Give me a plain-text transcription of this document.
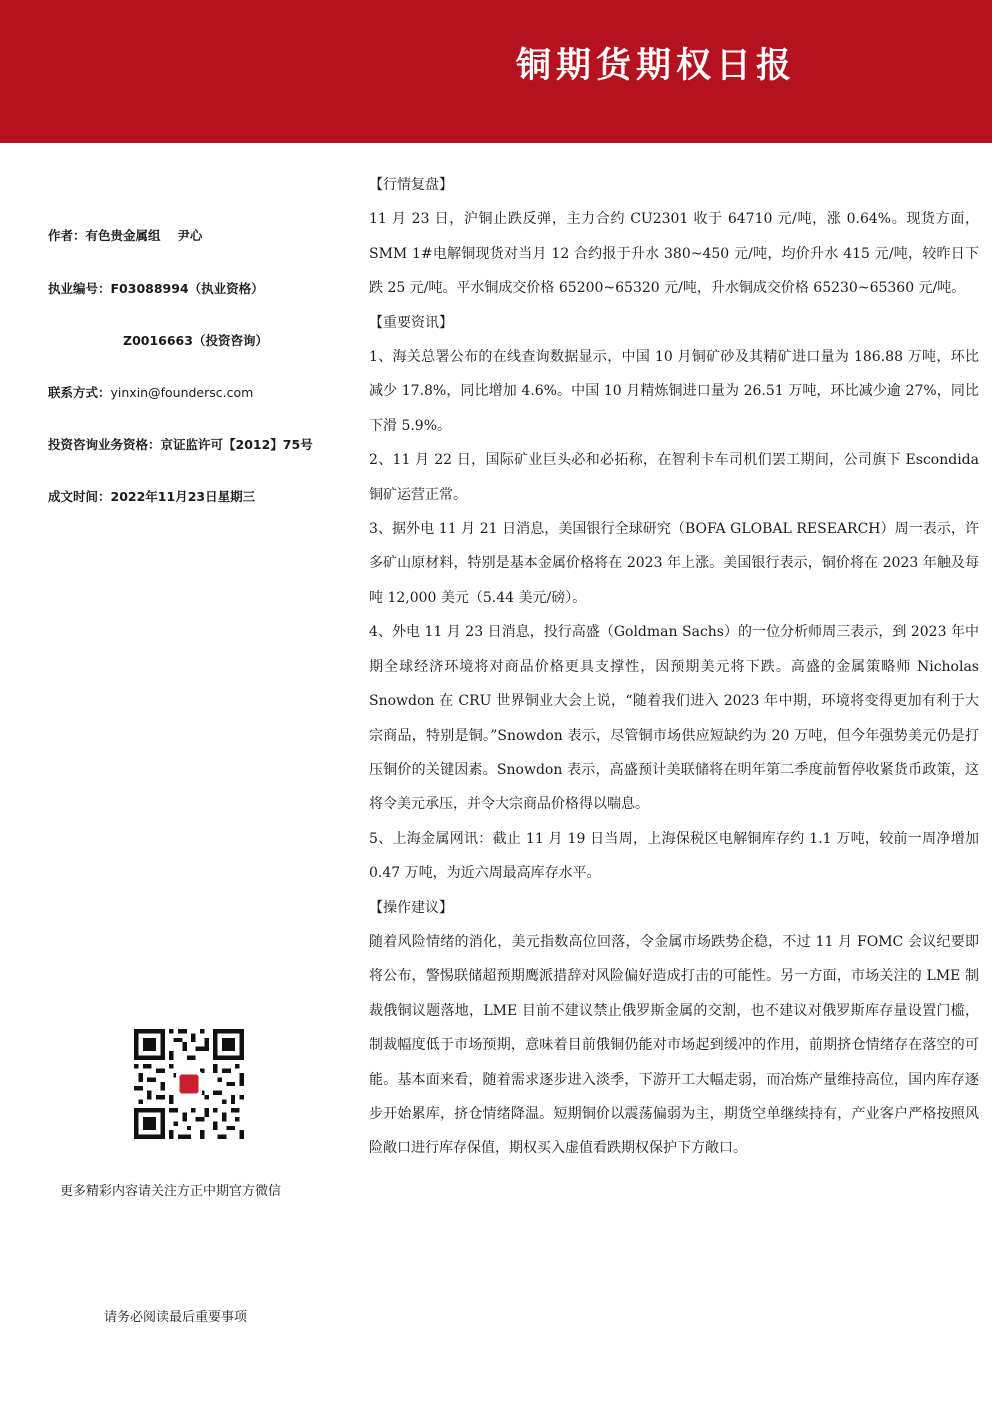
铜期货期权日报
作者：有色贵金属组　 尹心
执业编号：F03088994（执业资格）
Z0016663（投资咨询）
联系方式：yinxin@foundersc.com
投资咨询业务资格：京证监许可【2012】75号
成文时间：2022年11月23日星期三

【行情复盘】

11 月 23 日，沪铜止跌反弹，主力合约 CU2301 收于 64710 元/吨，涨 0.64%。现货方面，SMM 1#电解铜现货对当月 12 合约报于升水 380~450 元/吨，均价升水 415 元/吨，较昨日下跌 25 元/吨。平水铜成交价格 65200~65320 元/吨，升水铜成交价格 65230~65360 元/吨。

【重要资讯】

1、海关总署公布的在线查询数据显示，中国 10 月铜矿砂及其精矿进口量为 186.88 万吨，环比减少 17.8%，同比增加 4.6%。中国 10 月精炼铜进口量为 26.51 万吨，环比减少逾 27%，同比下滑 5.9%。

2、11 月 22 日，国际矿业巨头必和必拓称，在智利卡车司机们罢工期间，公司旗下 Escondida 铜矿运营正常。

3、据外电 11 月 21 日消息，美国银行全球研究（BOFA GLOBAL RESEARCH）周一表示，许多矿山原材料，特别是基本金属价格将在 2023 年上涨。美国银行表示，铜价将在 2023 年触及每吨 12,000 美元（5.44 美元/磅）。

4、外电 11 月 23 日消息，投行高盛（Goldman Sachs）的一位分析师周三表示，到 2023 年中期全球经济环境将对商品价格更具支撑性，因预期美元将下跌。高盛的金属策略师 Nicholas Snowdon 在 CRU 世界铜业大会上说，“随着我们进入 2023 年中期，环境将变得更加有利于大宗商品，特别是铜。”Snowdon 表示，尽管铜市场供应短缺约为 20 万吨，但今年强势美元仍是打压铜价的关键因素。Snowdon 表示，高盛预计美联储将在明年第二季度前暂停收紧货币政策，这将令美元承压，并令大宗商品价格得以喘息。

5、上海金属网讯：截止 11 月 19 日当周，上海保税区电解铜库存约 1.1 万吨，较前一周净增加 0.47 万吨，为近六周最高库存水平。

【操作建议】

随着风险情绪的消化，美元指数高位回落，令金属市场跌势企稳，不过 11 月 FOMC 会议纪要即将公布，警惕联储超预期鹰派措辞对风险偏好造成打击的可能性。另一方面，市场关注的 LME 制裁俄铜议题落地，LME 目前不建议禁止俄罗斯金属的交割，也不建议对俄罗斯库存量设置门槛，制裁幅度低于市场预期，意味着目前俄铜仍能对市场起到缓冲的作用，前期挤仓情绪存在落空的可能。基本面来看，随着需求逐步进入淡季，下游开工大幅走弱，而冶炼产量维持高位，国内库存逐步开始累库，挤仓情绪降温。短期铜价以震荡偏弱为主，期货空单继续持有，产业客户严格按照风险敞口进行库存保值，期权买入虚值看跌期权保护下方敞口。

更多精彩内容请关注方正中期官方微信
请务必阅读最后重要事项
